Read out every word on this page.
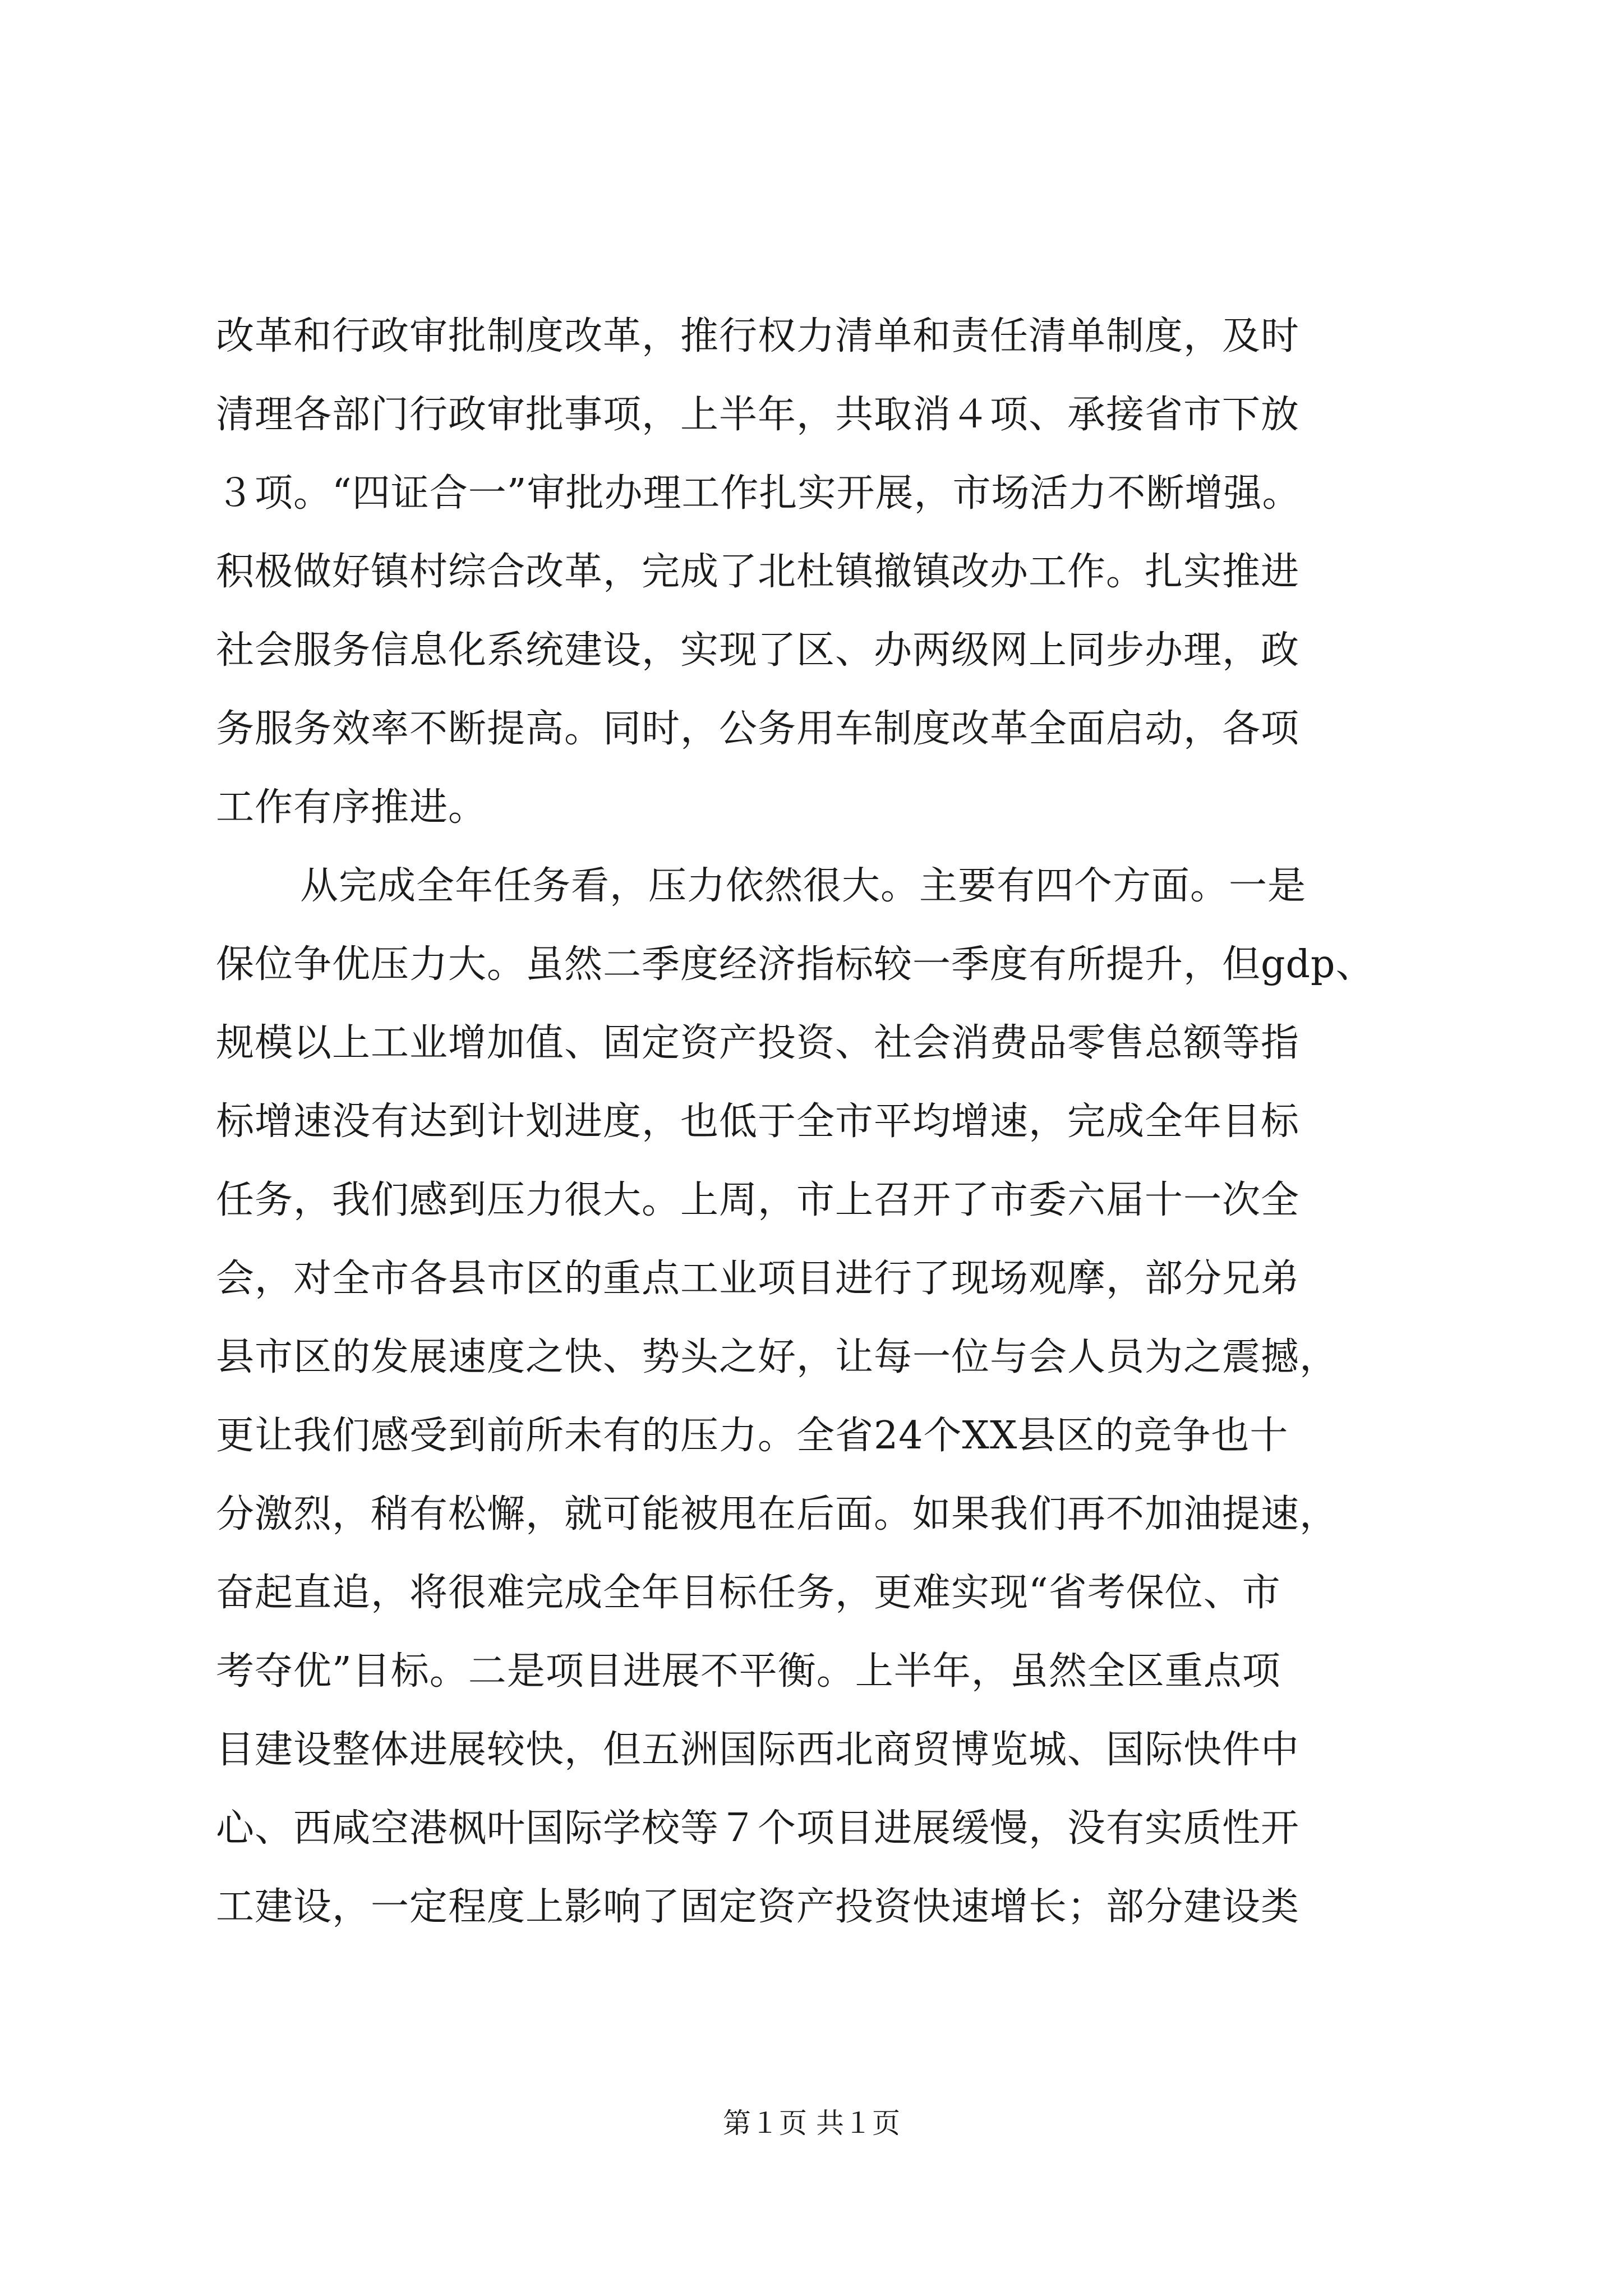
改革和行政审批制度改革，推行权力清单和责任清单制度，及时
清理各部门行政审批事项，上半年，共取消４项、承接省市下放
３项。“四证合一”审批办理工作扎实开展，市场活力不断增强。
积极做好镇村综合改革，完成了北杜镇撤镇改办工作。扎实推进
社会服务信息化系统建设，实现了区、办两级网上同步办理，政
务服务效率不断提高。同时，公务用车制度改革全面启动，各项
工作有序推进。
从完成全年任务看，压力依然很大。主要有四个方面。一是
保位争优压力大。虽然二季度经济指标较一季度有所提升，但gdp、
规模以上工业增加值、固定资产投资、社会消费品零售总额等指
标增速没有达到计划进度，也低于全市平均增速，完成全年目标
任务，我们感到压力很大。上周，市上召开了市委六届十一次全
会，对全市各县市区的重点工业项目进行了现场观摩，部分兄弟
县市区的发展速度之快、势头之好，让每一位与会人员为之震撼，
更让我们感受到前所未有的压力。全省24个XX县区的竞争也十
分激烈，稍有松懈，就可能被甩在后面。如果我们再不加油提速，
奋起直追，将很难完成全年目标任务，更难实现“省考保位、市
考夺优”目标。二是项目进展不平衡。上半年，虽然全区重点项
目建设整体进展较快，但五洲国际西北商贸博览城、国际快件中
心、西咸空港枫叶国际学校等７个项目进展缓慢，没有实质性开
工建设，一定程度上影响了固定资产投资快速增长；部分建设类
第１页 共１页
